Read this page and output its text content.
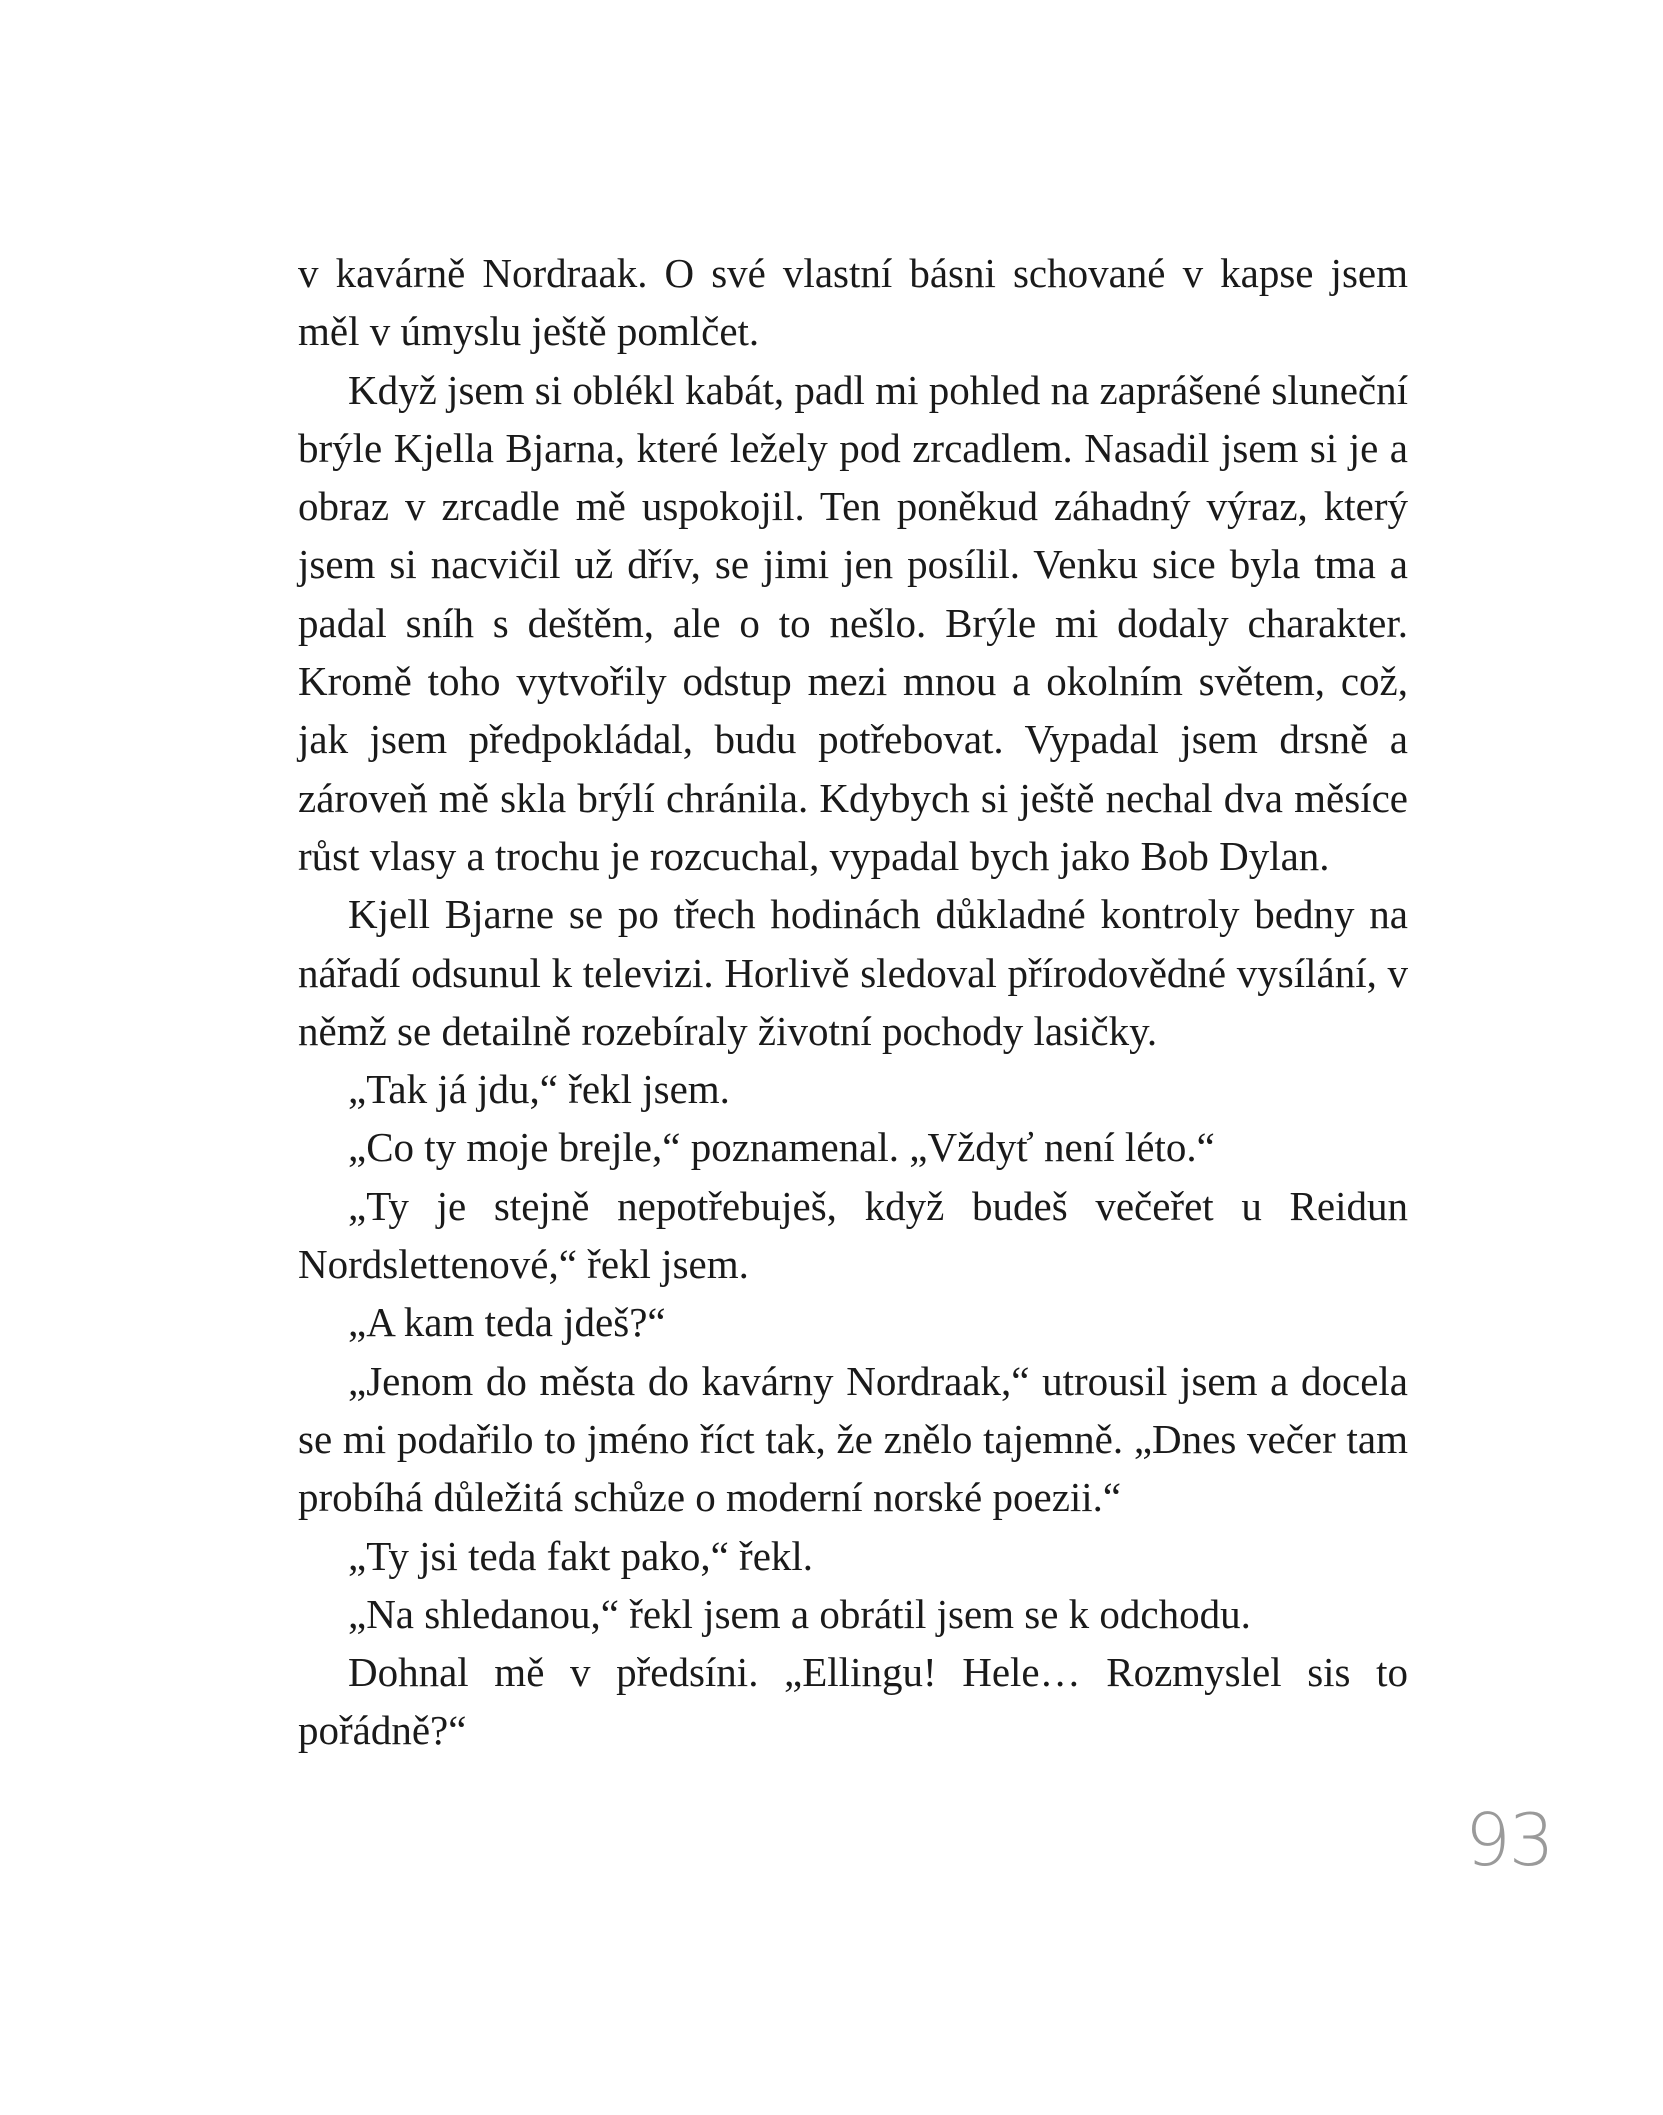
v kavárně Nordraak. O své vlastní básni schované v kapse jsem měl v úmyslu ještě pomlčet.

Když jsem si oblékl kabát, padl mi pohled na zaprášené sluneční brýle Kjella Bjarna, které ležely pod zrcadlem. Nasadil jsem si je a obraz v zrcadle mě uspokojil. Ten poněkud záhadný výraz, který jsem si nacvičil už dřív, se jimi jen posílil. Venku sice byla tma a padal sníh s deštěm, ale o to nešlo. Brýle mi dodaly charakter. Kromě toho vytvořily odstup mezi mnou a okolním světem, což, jak jsem předpokládal, budu potřebovat. Vypadal jsem drsně a zároveň mě skla brýlí chránila. Kdybych si ještě nechal dva měsíce růst vlasy a trochu je rozcuchal, vypadal bych jako Bob Dylan.

Kjell Bjarne se po třech hodinách důkladné kontroly bedny na nářadí odsunul k televizi. Horlivě sledoval přírodovědné vysílání, v němž se detailně rozebíraly životní pochody lasičky.

„Tak já jdu,“ řekl jsem.

„Co ty moje brejle,“ poznamenal. „Vždyť není léto.“

„Ty je stejně nepotřebuješ, když budeš večeřet u Reidun Nordslettenové,“ řekl jsem.

„A kam teda jdeš?“

„Jenom do města do kavárny Nordraak,“ utrousil jsem a docela se mi podařilo to jméno říct tak, že znělo tajemně. „Dnes večer tam probíhá důležitá schůze o moderní norské poezii.“

„Ty jsi teda fakt pako,“ řekl.

„Na shledanou,“ řekl jsem a obrátil jsem se k odchodu.

Dohnal mě v předsíni. „Ellingu! Hele… Rozmyslel sis to pořádně?“

93
